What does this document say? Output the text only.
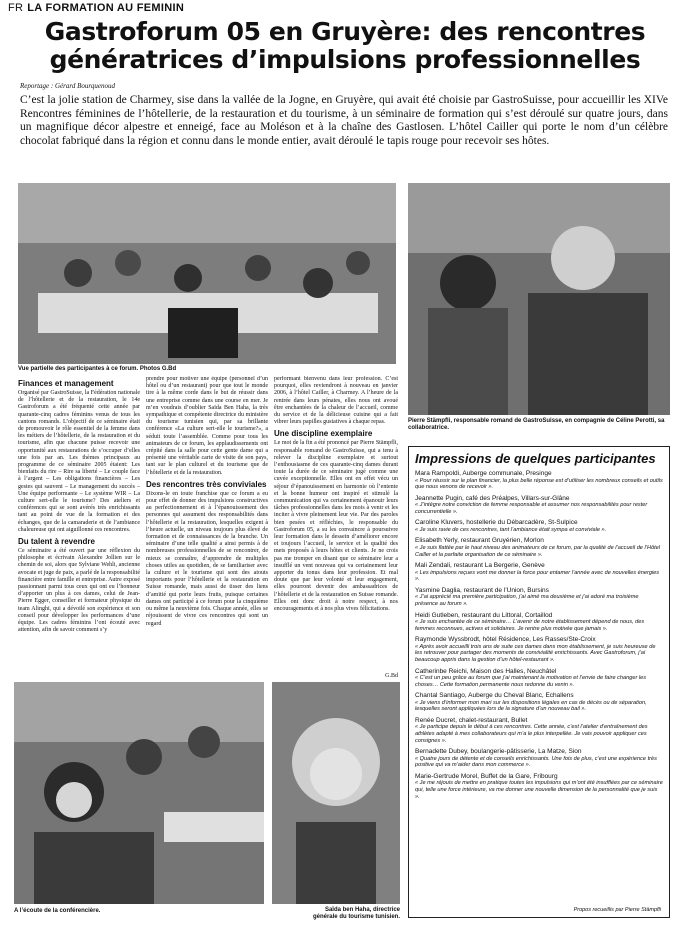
FR LA FORMATION AU FEMININ
Gastroforum 05 en Gruyère: des rencontres génératrices d’impulsions professionnelles
Reportage : Gérard Bourquenoud
C’est la jolie station de Charmey, sise dans la vallée de la Jogne, en Gruyère, qui avait été choisie par GastroSuisse, pour accueillir les XIVe Rencontres féminines de l’hôtellerie, de la restauration et du tourisme, à un séminaire de formation qui s’est déroulé sur quatre jours, dans un magnifique décor alpestre et enneigé, face au Moléson et à la chaîne des Gastlosen. L’hôtel Cailler qui porte le nom d’un célèbre chocolat fabriqué dans la région et connu dans le monde entier, avait déroulé le tapis rouge pour recevoir ses hôtes.
Vue partielle des participantes à ce forum. Photos G.Bd
Pierre Stämpfli, responsable romand de GastroSuisse, en compagnie de Céline Perotti, sa collaboratrice.
Finances et management

Organisé par GastroSuisse, la Fédération nationale de l’hôtellerie et de la restauration, le 14e Gastroforum a été fréquenté cette année par quarante-cinq cadres féminins venus de tous les cantons romands. L’objectif de ce séminaire était de promouvoir le rôle essentiel de la femme dans les métiers de l’hôtellerie, de la restauration et du tourisme, afin que chacune puisse recevoir une opportunité aux restaurations de s’occuper d’elles une fois par an. Les thèmes principaux au programme de ce séminaire 2005 étaient: Les bienfaits du rire – Rire sa liberté – Le couple face à l’argent – Les obligations financières – Les gestes qui sauvent – Le management du succès – Une équipe performante – Le système WIR – La culture sert-elle le tourisme? Des ateliers et conférences qui se sont avérés très enrichissants tant au point de vue de la formation et des échanges, que de la camaraderie et de l’ambiance chaleureuse qui ont aiguillonné ces rencontres.

Du talent à revendre

Ce séminaire a été ouvert par une réflexion du philosophe et écrivain Alexandre Jollien sur le chemin de soi, alors que Sylviane Wehli, ancienne avocate et juge de paix, a parlé de la responsabilité financière entre famille et entreprise. Autre exposé passionnant parmi tous ceux qui ont eu l’honneur d’apporter un plus à ces dames, celui de Jean-Pierre Egger, conseiller et formateur physique du team Alinghi, qui a dévoilé son expérience et son conseil pour développer les performances d’une équipe. Les cadres féminins l’ont écouté avec attention, afin de savoir comment s’y

prendre pour motiver une équipe (personnel d’un hôtel ou d’un restaurant) pour que tout le monde tire à la même corde dans le but de réussir dans une entreprise comme dans une course en mer. Je m’en voudrais d’oublier Saïda Ben Haha, la très sympathique et compétente directrice du ministère du tourisme tunisien qui, par sa brillante conférence «La culture sert-elle le tourisme?», a séduit toute l’assemblée. Comme pour tous les animateurs de ce forum, les applaudissements ont crépité dans la salle pour cette gente dame qui a présenté une véritable carte de visite de son pays, tant sur le plan culturel et du tourisme que de l’hôtellerie et de la restauration.

Des rencontres très conviviales

Dixons-le en toute franchise que ce forum a eu pour effet de donner des impulsions constructives au perfectionnement et à l’épanouissement des personnes qui assument des responsabilités dans l’hôtellerie et la restauration, lesquelles exigent à l’heure actuelle, un niveau toujours plus élevé de formation et de connaissances de la branche. Un séminaire d’une telle qualité a ainsi permis à de nombreuses professionnelles de se rencontrer, de mieux se connaître, d’apprendre de multiples choses utiles au quotidien, de se familiariser avec la culture et le tourisme qui sont des atouts importants pour l’hôtellerie et la restauration en Suisse romande, mais aussi de tisser des liens d’amitié qui porte leurs fruits, puisque certaines dames ont participé à ce forum pour la cinquième ou même la neuvième fois. Chaque année, elles se réjouissent de vivre ces rencontres qui sont un regard

performant bienvenu dans leur profession. C’est pourquoi, elles reviendront à nouveau en janvier 2006, à l’hôtel Cailler, à Charmey. A l’heure de la rentrée dans leurs pénates, elles nous ont avoué être enchantées de la chaleur de l’accueil, comme du service et de la délicieuse cuisine qui a fait vibrer leurs papilles gustatives à chaque repas.

Une discipline exemplaire

Le mot de la fin a été prononcé par Pierre Stämpfli, responsable romand de GastroSuisse, qui a tenu à relever la discipline exemplaire et surtout l’enthousiasme de ces quarante-cinq dames durant toute la durée de ce séminaire jugé comme une cuvée exceptionnelle. Elles ont en effet vécu un séjour d’épanouissement en harmonie où l’entente et la bonne humeur ont inspiré et stimulé la communication qui va certainement épanouir leurs tâches professionnelles dans les mois à venir et les inciter à vivre pleinement leur vie. Par des paroles bien pesées et réfléchies, le responsable du Gastroforum 05, a su les convaincre à poursuivre leur formation dans le dessein d’améliorer encore et toujours l’accueil, le service et la qualité des mets proposés à leurs hôtes et clients. Je ne crois pas me tromper en disant que ce séminaire leur a insufflé un vent nouveau qui va certainement leur apporter du tonus dans leur profession. Et mal doute que par leur volonté et leur engagement, elles pourront devenir des ambassadrices de l’hôtellerie et de la restauration en Suisse romande. Elles ont donc droit à notre respect, à nos encouragements et à nos plus vives félicitations.

G.Bd
A l’écoute de la conférencière.	Saïda ben Haha, directrice générale du tourisme tunisien.
Impressions de quelques participantes
Mara Rampoldi, Auberge communale, Presinge
« Pour réussir sur le plan financier, la plus belle réponse est d’utiliser les nombreux conseils et outils que nous venons de recevoir ».
Jeannette Pugin, café des Préalpes, Villars-sur-Glâne
« J’intègre notre conviction de femme responsable et assumer nos responsabilités pour rester concurrentielle ».
Caroline Kluvers, hostellerie du Débarcadère, St-Sulpice
« Je suis ravie de ces rencontres, tant l’ambiance était sympa et conviviale ».
Elisabeth Yerly, restaurant Gruyérien, Morlon
« Je suis flattée par le haut niveau des animateurs de ce forum, par la qualité de l’accueil de l’Hôtel Cailler et la parfaite organisation de ce séminaire ».
Mali Zendali, restaurant La Bergerie, Genève
« Les impulsions reçues vont me donner la force pour entamer l’année avec de nouvelles énergies ».
Yasmine Daglia, restaurant de l’Union, Bursins
« J’ai apprécié ma première participation, j’ai aimé ma deuxième et j’ai adoré ma troisième présence au forum ».
Heidi Gutleben, restaurant du Littoral, Cortaillod
« Je suis enchantée de ce séminaire… L’avenir de notre établissement dépend de nous, des femmes reconnues, actives et solidaires. Je rentre plus motivée que jamais ».
Raymonde Wyssbrodt, hôtel Résidence, Les Rasses/Ste-Croix
« Après avoir accueilli trois ans de suite ces dames dans mon établissement, je suis heureuse de les retrouver pour partager des moments de convivialité enrichissants. Avec Gastroforum, j’ai beaucoup appris dans la gestion d’un hôtel-restaurant ».
Catherinbe Reichi, Maison des Halles, Neuchâtel
« C’est un peu grâce au forum que j’ai maintenant la motivation et l’envie de faire changer les choses… Cette formation permanente nous redonne du venin ».
Chantal Santiago, Auberge du Cheval Blanc, Echallens
« Je viens d’informer mon mari sur les dispositions légales en cas de décès ou de séparation, lesquelles seront appliquées lors de la signature d’un nouveau bail ».
Renée Ducret, chalet-restaurant, Bullet
« Je participe depuis le début à ces rencontres. Cette année, c’est l’atelier d’entraînement des athlètes adapté à mes collaborateurs qui m’a le plus interpellée. Je vais pouvoir appliquer ces consignes ».
Bernadette Dubey, boulangerie-pâtisserie, La Matze, Sion
« Quatre jours de détente et de conseils enrichissants. Une fois de plus, c’est une expérience très positive qui va m’aider dans mon commerce ».
Marie-Gertrude Morel, Buffet de la Gare, Fribourg
« Je me réjouis de mettre en pratique toutes les impulsions qui m’ont été insufflées par ce séminaire qui, telle une force intérieure, va me donner une nouvelle dimension de la personnalité que je suis ».
Propos recueillis par Pierre Stämpfli
